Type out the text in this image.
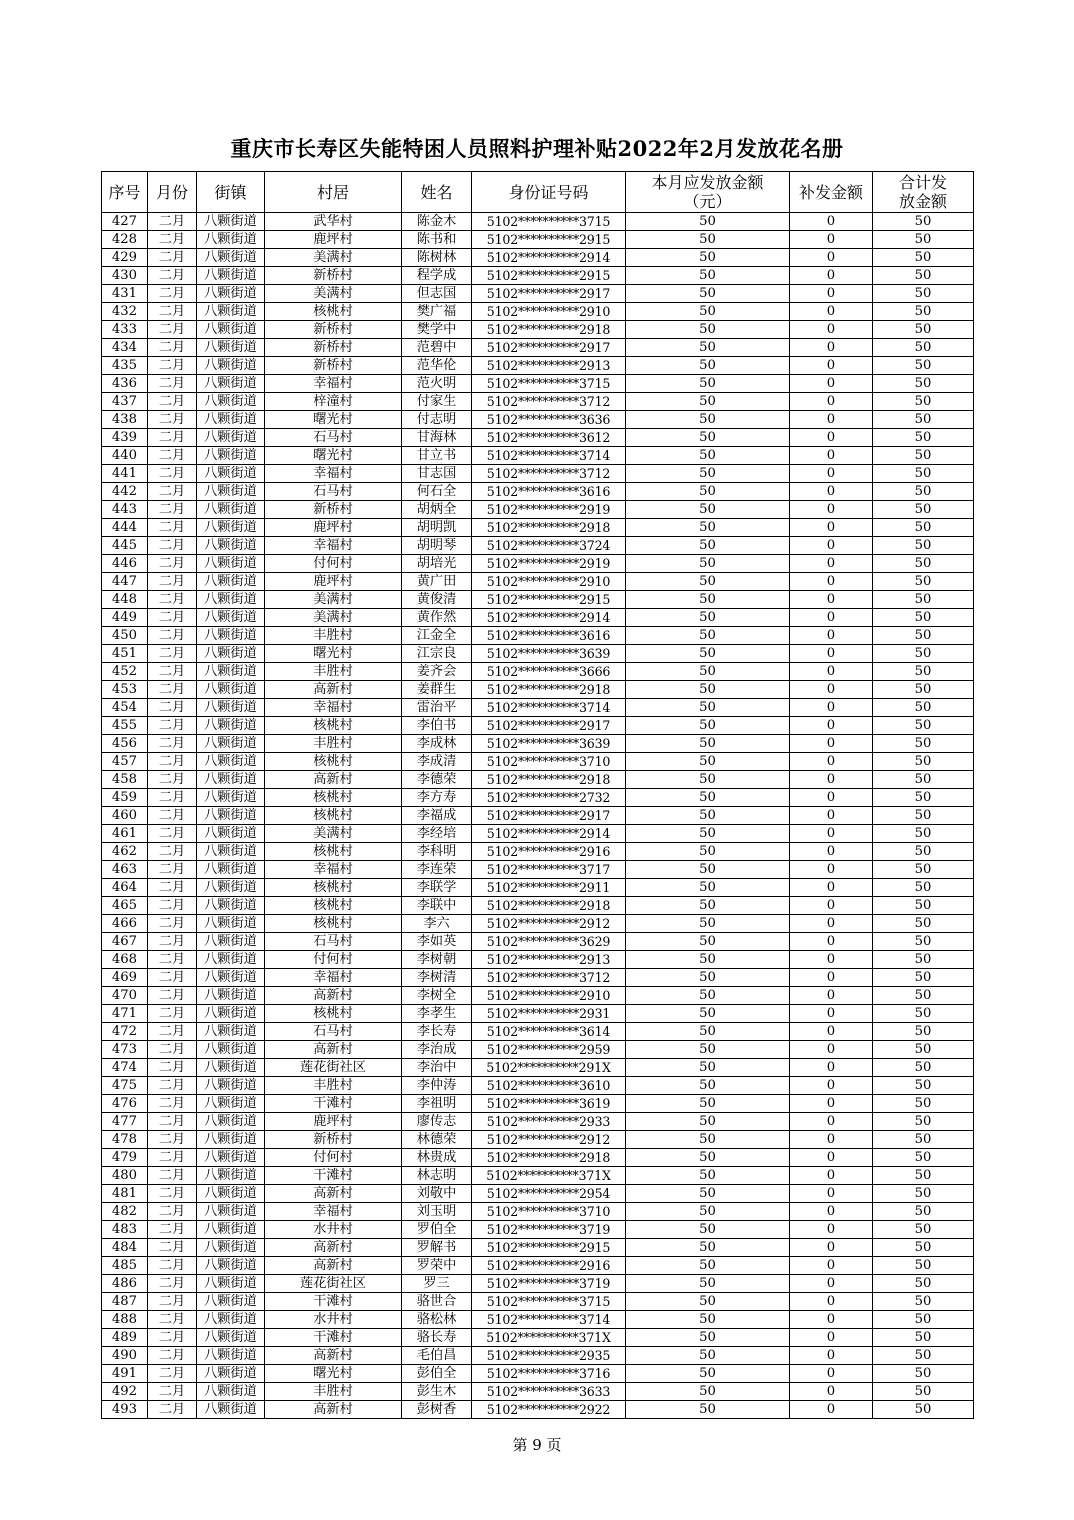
重庆市长寿区失能特困人员照料护理补贴2022年2月发放花名册
序号	月份	街镇	村居	姓名	身份证号码	本月应发放金额（元）	补发金额	合计发放金额
427	二月	八颗街道	武华村	陈金木	5102**********3715	50	0	50
428	二月	八颗街道	鹿坪村	陈书和	5102**********2915	50	0	50
429	二月	八颗街道	美满村	陈树林	5102**********2914	50	0	50
430	二月	八颗街道	新桥村	程学成	5102**********2915	50	0	50
431	二月	八颗街道	美满村	但志国	5102**********2917	50	0	50
432	二月	八颗街道	核桃村	樊广福	5102**********2910	50	0	50
433	二月	八颗街道	新桥村	樊学中	5102**********2918	50	0	50
434	二月	八颗街道	新桥村	范碧中	5102**********2917	50	0	50
435	二月	八颗街道	新桥村	范华伦	5102**********2913	50	0	50
436	二月	八颗街道	幸福村	范火明	5102**********3715	50	0	50
437	二月	八颗街道	梓潼村	付家生	5102**********3712	50	0	50
438	二月	八颗街道	曙光村	付志明	5102**********3636	50	0	50
439	二月	八颗街道	石马村	甘海林	5102**********3612	50	0	50
440	二月	八颗街道	曙光村	甘立书	5102**********3714	50	0	50
441	二月	八颗街道	幸福村	甘志国	5102**********3712	50	0	50
442	二月	八颗街道	石马村	何石全	5102**********3616	50	0	50
443	二月	八颗街道	新桥村	胡炳全	5102**********2919	50	0	50
444	二月	八颗街道	鹿坪村	胡明凯	5102**********2918	50	0	50
445	二月	八颗街道	幸福村	胡明琴	5102**********3724	50	0	50
446	二月	八颗街道	付何村	胡培光	5102**********2919	50	0	50
447	二月	八颗街道	鹿坪村	黄广田	5102**********2910	50	0	50
448	二月	八颗街道	美满村	黄俊清	5102**********2915	50	0	50
449	二月	八颗街道	美满村	黄作然	5102**********2914	50	0	50
450	二月	八颗街道	丰胜村	江金全	5102**********3616	50	0	50
451	二月	八颗街道	曙光村	江宗良	5102**********3639	50	0	50
452	二月	八颗街道	丰胜村	姜齐会	5102**********3666	50	0	50
453	二月	八颗街道	高新村	姜群生	5102**********2918	50	0	50
454	二月	八颗街道	幸福村	雷治平	5102**********3714	50	0	50
455	二月	八颗街道	核桃村	李伯书	5102**********2917	50	0	50
456	二月	八颗街道	丰胜村	李成林	5102**********3639	50	0	50
457	二月	八颗街道	核桃村	李成清	5102**********3710	50	0	50
458	二月	八颗街道	高新村	李德荣	5102**********2918	50	0	50
459	二月	八颗街道	核桃村	李方寿	5102**********2732	50	0	50
460	二月	八颗街道	核桃村	李福成	5102**********2917	50	0	50
461	二月	八颗街道	美满村	李经培	5102**********2914	50	0	50
462	二月	八颗街道	核桃村	李科明	5102**********2916	50	0	50
463	二月	八颗街道	幸福村	李连荣	5102**********3717	50	0	50
464	二月	八颗街道	核桃村	李联学	5102**********2911	50	0	50
465	二月	八颗街道	核桃村	李联中	5102**********2918	50	0	50
466	二月	八颗街道	核桃村	李六	5102**********2912	50	0	50
467	二月	八颗街道	石马村	李如英	5102**********3629	50	0	50
468	二月	八颗街道	付何村	李树朝	5102**********2913	50	0	50
469	二月	八颗街道	幸福村	李树清	5102**********3712	50	0	50
470	二月	八颗街道	高新村	李树全	5102**********2910	50	0	50
471	二月	八颗街道	核桃村	李孝生	5102**********2931	50	0	50
472	二月	八颗街道	石马村	李长寿	5102**********3614	50	0	50
473	二月	八颗街道	高新村	李治成	5102**********2959	50	0	50
474	二月	八颗街道	莲花街社区	李治中	5102**********291X	50	0	50
475	二月	八颗街道	丰胜村	李仲涛	5102**********3610	50	0	50
476	二月	八颗街道	干滩村	李祖明	5102**********3619	50	0	50
477	二月	八颗街道	鹿坪村	廖传志	5102**********2933	50	0	50
478	二月	八颗街道	新桥村	林德荣	5102**********2912	50	0	50
479	二月	八颗街道	付何村	林贵成	5102**********2918	50	0	50
480	二月	八颗街道	干滩村	林志明	5102**********371X	50	0	50
481	二月	八颗街道	高新村	刘敬中	5102**********2954	50	0	50
482	二月	八颗街道	幸福村	刘玉明	5102**********3710	50	0	50
483	二月	八颗街道	水井村	罗伯全	5102**********3719	50	0	50
484	二月	八颗街道	高新村	罗解书	5102**********2915	50	0	50
485	二月	八颗街道	高新村	罗荣中	5102**********2916	50	0	50
486	二月	八颗街道	莲花街社区	罗三	5102**********3719	50	0	50
487	二月	八颗街道	干滩村	骆世合	5102**********3715	50	0	50
488	二月	八颗街道	水井村	骆松林	5102**********3714	50	0	50
489	二月	八颗街道	干滩村	骆长寿	5102**********371X	50	0	50
490	二月	八颗街道	高新村	毛伯昌	5102**********2935	50	0	50
491	二月	八颗街道	曙光村	彭伯全	5102**********3716	50	0	50
492	二月	八颗街道	丰胜村	彭生木	5102**********3633	50	0	50
493	二月	八颗街道	高新村	彭树香	5102**********2922	50	0	50
第 9 页
